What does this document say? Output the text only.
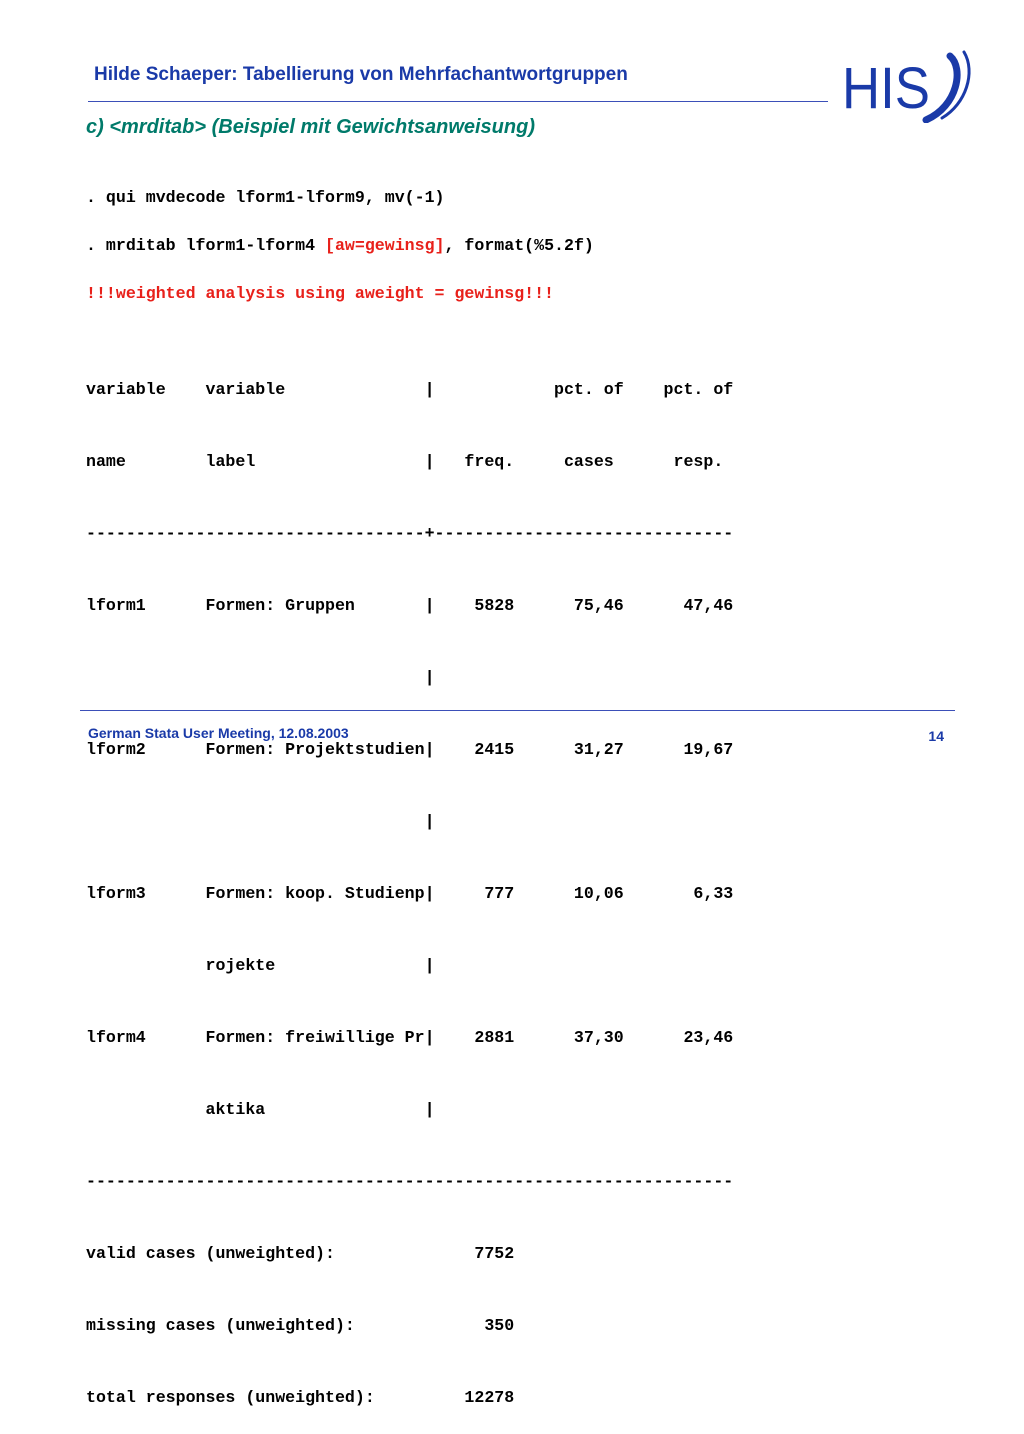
Hilde Schaeper: Tabellierung von Mehrfachantwortgruppen	HIS
c) <mrditab> (Beispiel mit Gewichtsanweisung)
. qui mvdecode lform1-lform9, mv(-1)
. mrditab lform1-lform4 [aw=gewinsg], format(%5.2f)
!!!weighted analysis using aweight = gewinsg!!!

variable    variable              |            pct. of    pct. of

name        label                 |   freq.     cases      resp.

----------------------------------+------------------------------

lform1      Formen: Gruppen       |    5828      75,46      47,46

|

lform2      Formen: Projektstudien|    2415      31,27      19,67

|

lform3      Formen: koop. Studienp|     777      10,06       6,33

rojekte               |

lform4      Formen: freiwillige Pr|    2881      37,30      23,46

aktika                |

-----------------------------------------------------------------

valid cases (unweighted):              7752

missing cases (unweighted):             350

total responses (unweighted):         12278

German Stata User Meeting, 12.08.2003	14
